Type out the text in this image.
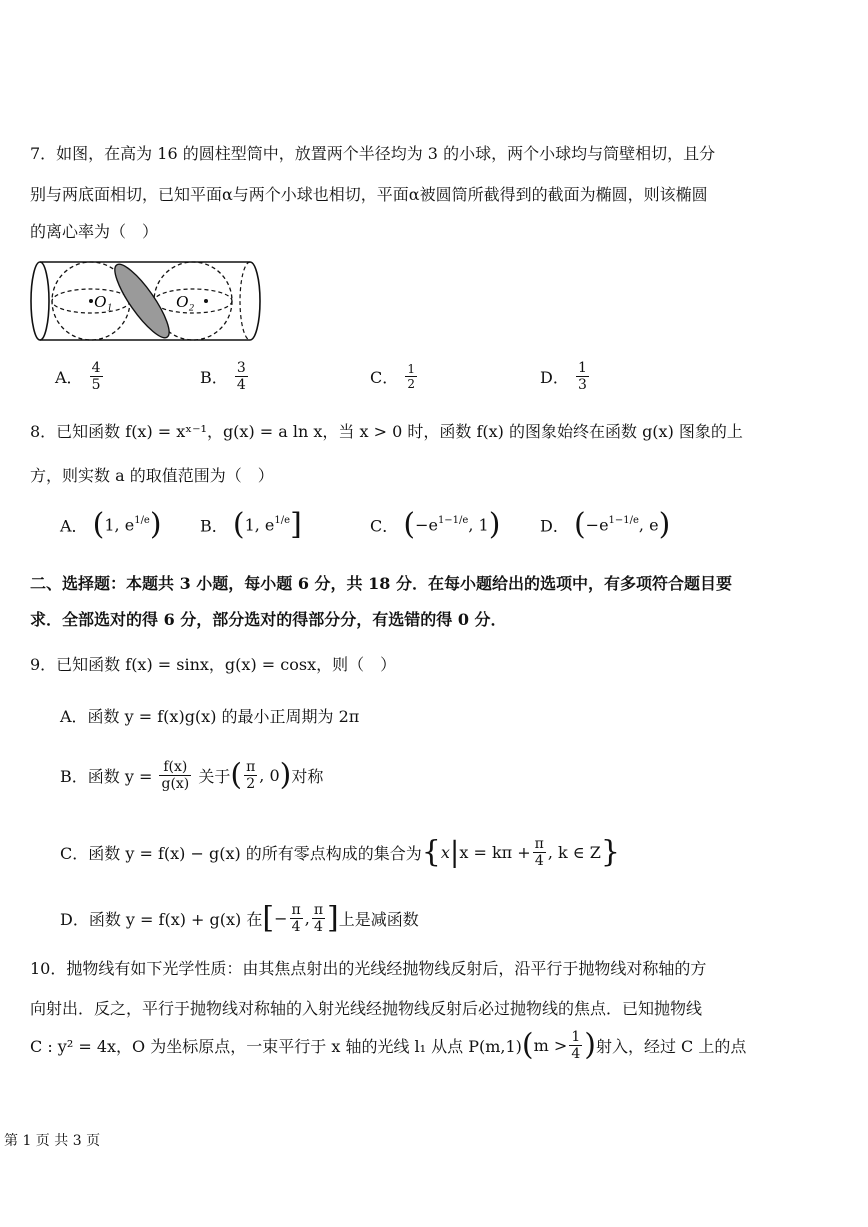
7．如图，在高为 16 的圆柱型筒中，放置两个半径均为 3 的小球，两个小球均与筒壁相切，且分
别与两底面相切，已知平面α与两个小球也相切，平面α被圆筒所截得到的截面为椭圆，则该椭圆
的离心率为（　）
O₁	O₂
A． $\frac{4}{5}$	B． $\frac{3}{4}$	C． $\frac{1}{2}$	D． $\frac{1}{3}$
8．已知函数 f(x) = xˣ⁻¹，g(x) = a ln x，当 x > 0 时，函数 f(x) 的图象始终在函数 g(x) 图象的上
方，则实数 a 的取值范围为（　）
A． (1, $e^{1/e}$) B． (1, $e^{1/e}$]	C． ($-e^{1-1/e}$, 1) D． ($-e^{1-1/e}$, e)
二、选择题：本题共 3 小题，每小题 6 分，共 18 分．在每小题给出的选项中，有多项符合题目要
求．全部选对的得 6 分，部分选对的得部分分，有选错的得 0 分．
9．已知函数 f(x) = sinx，g(x) = cosx，则（　）
A．函数 y = f(x)g(x) 的最小正周期为 2π
B．函数 $y = \frac{f(x)}{g(x)}$ 关于( $\frac{\pi}{2}$ , 0)对称
C．函数 y = f(x) − g(x) 的所有零点构成的集合为{$x|x = k\pi + \frac{\pi}{4}$ , k ∈ Z}
D．函数 y = f(x) + g(x) 在[− $\frac{\pi}{4}$ , $\frac{\pi}{4}$ ]上是减函数
10．抛物线有如下光学性质：由其焦点射出的光线经抛物线反射后，沿平行于抛物线对称轴的方
向射出．反之，平行于抛物线对称轴的入射光线经抛物线反射后必过抛物线的焦点．已知抛物线
C : y² = 4x，O 为坐标原点，一束平行于 x 轴的光线 l₁ 从点 $P(m,1)(m > \frac{1}{4}$ )射入，经过 C 上的点
第 1 页 共 3 页
